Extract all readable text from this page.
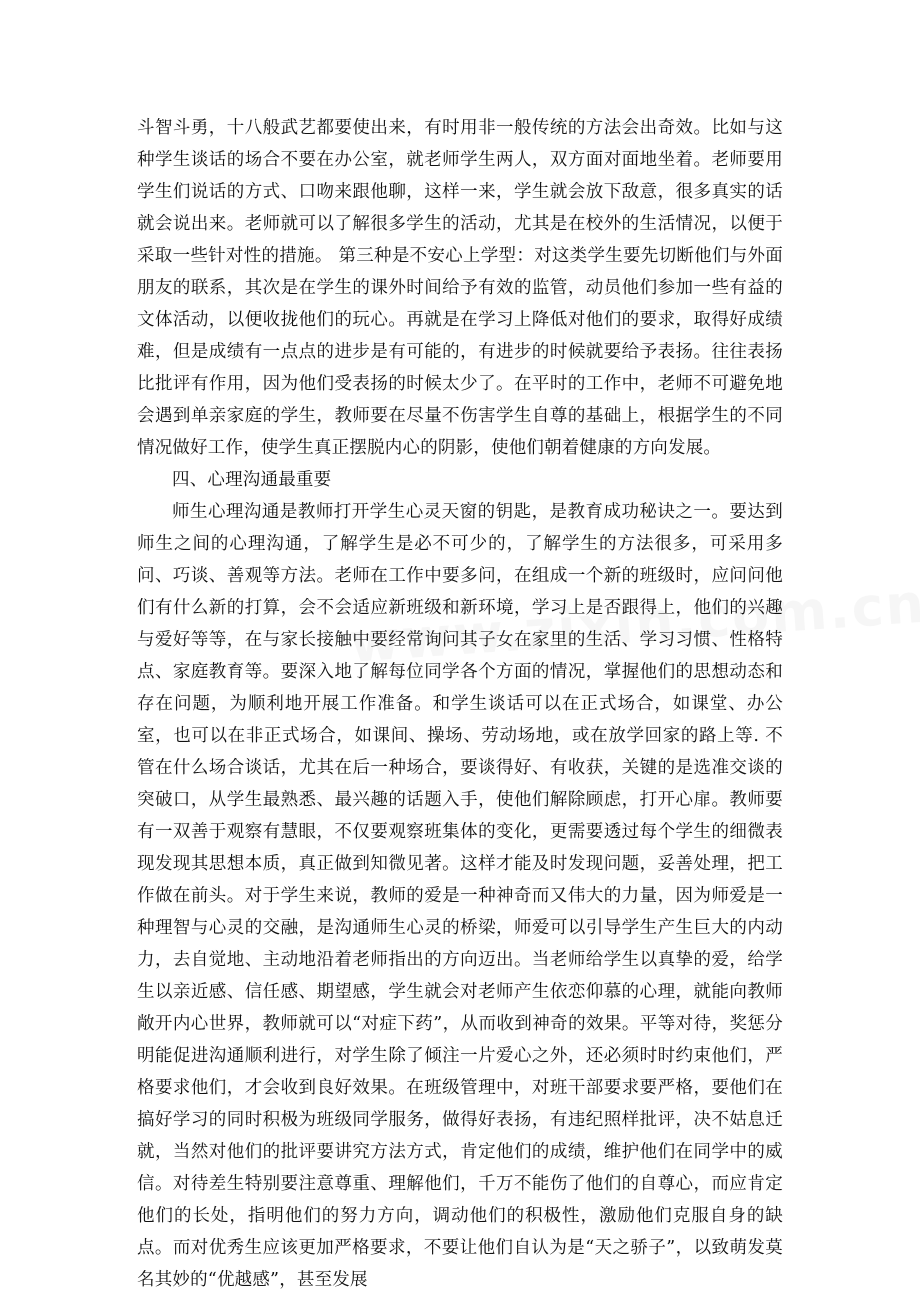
斗智斗勇，十八般武艺都要使出来，有时用非一般传统的方法会出奇效。比如与这种学生谈话的场合不要在办公室，就老师学生两人，双方面对面地坐着。老师要用学生们说话的方式、口吻来跟他聊，这样一来，学生就会放下敌意，很多真实的话就会说出来。老师就可以了解很多学生的活动，尤其是在校外的生活情况，以便于采取一些针对性的措施。 第三种是不安心上学型：对这类学生要先切断他们与外面朋友的联系，其次是在学生的课外时间给予有效的监管，动员他们参加一些有益的文体活动，以便收拢他们的玩心。再就是在学习上降低对他们的要求，取得好成绩难，但是成绩有一点点的进步是有可能的，有进步的时候就要给予表扬。往往表扬比批评有作用，因为他们受表扬的时候太少了。在平时的工作中，老师不可避免地会遇到单亲家庭的学生，教师要在尽量不伤害学生自尊的基础上，根据学生的不同情况做好工作，使学生真正摆脱内心的阴影，使他们朝着健康的方向发展。

四、心理沟通最重要

师生心理沟通是教师打开学生心灵天窗的钥匙，是教育成功秘诀之一。要达到师生之间的心理沟通，了解学生是必不可少的，了解学生的方法很多，可采用多问、巧谈、善观等方法。老师在工作中要多问，在组成一个新的班级时，应问问他们有什么新的打算，会不会适应新班级和新环境，学习上是否跟得上，他们的兴趣与爱好等等，在与家长接触中要经常询问其子女在家里的生活、学习习惯、性格特点、家庭教育等。要深入地了解每位同学各个方面的情况，掌握他们的思想动态和存在问题，为顺利地开展工作准备。和学生谈话可以在正式场合，如课堂、办公室，也可以在非正式场合，如课间、操场、劳动场地，或在放学回家的路上等. 不管在什么场合谈话，尤其在后一种场合，要谈得好、有收获，关键的是选准交谈的突破口，从学生最熟悉、最兴趣的话题入手，使他们解除顾虑，打开心扉。教师要有一双善于观察有慧眼，不仅要观察班集体的变化，更需要透过每个学生的细微表现发现其思想本质，真正做到知微见著。这样才能及时发现问题，妥善处理，把工作做在前头。对于学生来说，教师的爱是一种神奇而又伟大的力量，因为师爱是一种理智与心灵的交融，是沟通师生心灵的桥梁，师爱可以引导学生产生巨大的内动力，去自觉地、主动地沿着老师指出的方向迈出。当老师给学生以真挚的爱，给学生以亲近感、信任感、期望感，学生就会对老师产生依恋仰慕的心理，就能向教师敞开内心世界，教师就可以“对症下药”，从而收到神奇的效果。平等对待，奖惩分明能促进沟通顺利进行，对学生除了倾注一片爱心之外，还必须时时约束他们，严格要求他们，才会收到良好效果。在班级管理中，对班干部要求要严格，要他们在搞好学习的同时积极为班级同学服务，做得好表扬，有违纪照样批评，决不姑息迁就，当然对他们的批评要讲究方法方式，肯定他们的成绩，维护他们在同学中的威信。对待差生特别要注意尊重、理解他们，千万不能伤了他们的自尊心，而应肯定他们的长处，指明他们的努力方向，调动他们的积极性，激励他们克服自身的缺点。而对优秀生应该更加严格要求，不要让他们自认为是“天之骄子”，以致萌发莫名其妙的“优越感”，甚至发展
